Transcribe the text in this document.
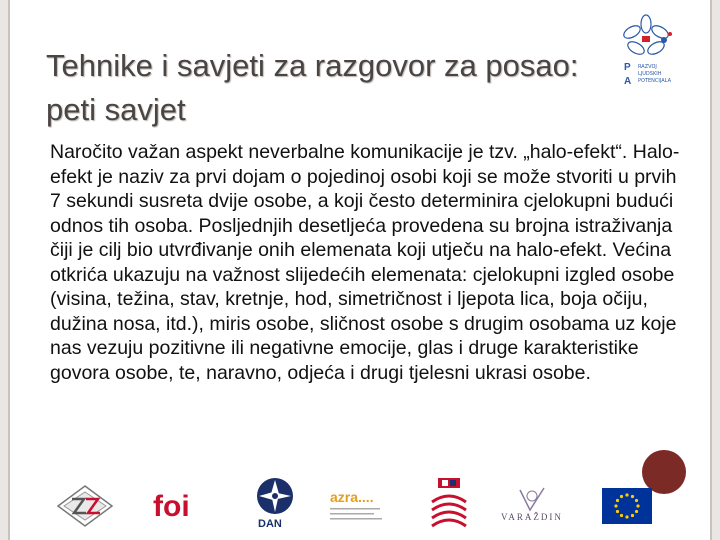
Tehnike i savjeti za razgovor za posao: peti savjet

Naročito važan aspekt neverbalne komunikacije je tzv. „halo-efekt“. Halo-efekt je naziv za prvi dojam o pojedinoj osobi koji se može stvoriti u prvih 7 sekundi susreta dvije osobe, a koji često determinira cjelokupni budući odnos tih osoba. Posljednjih desetljeća provedena su brojna istraživanja čiji je cilj bio utvrđivanje onih elemenata koji utječu na halo-efekt. Većina otkrića ukazuju na važnost slijedećih elemenata: cjelokupni izgled osobe (visina, težina, stav, kretnje, hod, simetričnost i ljepota lica, boja očiju, dužina nosa, itd.), miris osobe, sličnost osobe s drugim osobama uz koje nas vezuju pozitivne ili negativne emocije, glas i druge karakteristike govora osobe, te, naravno, odjeća i drugi tjelesni ukrasi osobe.

P
A
RAZVOJ
LJUDSKIH
POTENCIJALA
foi
DAN
azra....
VARAŽDIN
